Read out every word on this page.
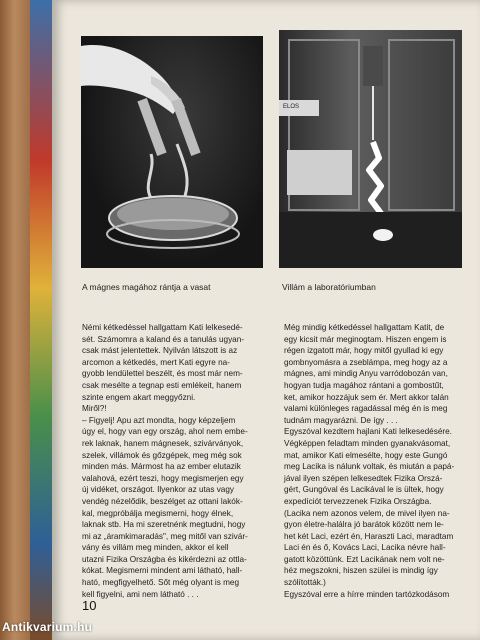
ELOS
A mágnes magához rántja a vasat	Villám a laboratóriumban

Némi kétkedéssel hallgattam Kati lelkesedé-

sét. Számomra a kaland és a tanulás ugyan-

csak mást jelentettek. Nyilván látszott is az

arcomon a kétkedés, mert Kati egyre na-

gyobb lendülettel beszélt, és most már nem-

csak mesélte a tegnap esti emlékeit, hanem

szinte engem akart meggyőzni.

Miről?!

– Figyelj! Apu azt mondta, hogy képzeljem

úgy el, hogy van egy ország, ahol nem embe-

rek laknak, hanem mágnesek, szivárványok,

szelek, villámok és gőzgépek, meg még sok

minden más. Mármost ha az ember elutazik

valahová, ezért teszi, hogy megismerjen egy

új vidéket, országot. Ilyenkor az utas vagy

vendég nézelődik, beszélget az ottani lakók-

kal, megpróbálja megismerni, hogy élnek,

laknak stb. Ha mi szeretnénk megtudni, hogy

mi az „áramkimaradás", meg mitől van szivár-

vány és villám meg minden, akkor el kell

utazni Fizika Országba és kikérdezni az ottla-

kókat. Megismerni mindent ami látható, hall-

ható, megfigyelhető. Sőt még olyant is meg

kell figyelni, ami nem látható . . .

Még mindig kétkedéssel hallgattam Katit, de

egy kicsit már meginogtam. Hiszen engem is

régen izgatott már, hogy mitől gyullad ki egy

gombnyomásra a zseblámpa, meg hogy az a

mágnes, ami mindig Anyu varródobozán van,

hogyan tudja magához rántani a gombostűt,

ket, amikor hozzájuk sem ér. Mert akkor talán

valami különleges ragadással még én is meg

tudnám magyarázni. De így . . .

Egyszóval kezdtem hajlani Kati lelkesedésére.

Végképpen feladtam minden gyanakvásomat,

mat, amikor Kati elmesélte, hogy este Gungó

meg Lacika is nálunk voltak, és miután a papá-

jával ilyen szépen lelkesedtek Fizika Orszá-

gért, Gungóval és Lacikával le is ültek, hogy

expedíciót tervezzenek Fizika Országba.

(Lacika nem azonos velem, de mivel ilyen na-

gyon életre-halálra jó barátok között nem le-

het két Laci, ezért én, Haraszti Laci, maradtam

Laci én és ő, Kovács Laci, Lacika névre hall-

gatott közöttünk. Ezt Lacikának nem volt ne-

héz megszokni, hiszen szülei is mindig így

szólították.)

Egyszóval erre a hírre minden tartózkodásom

10
Antikvarium.hu
